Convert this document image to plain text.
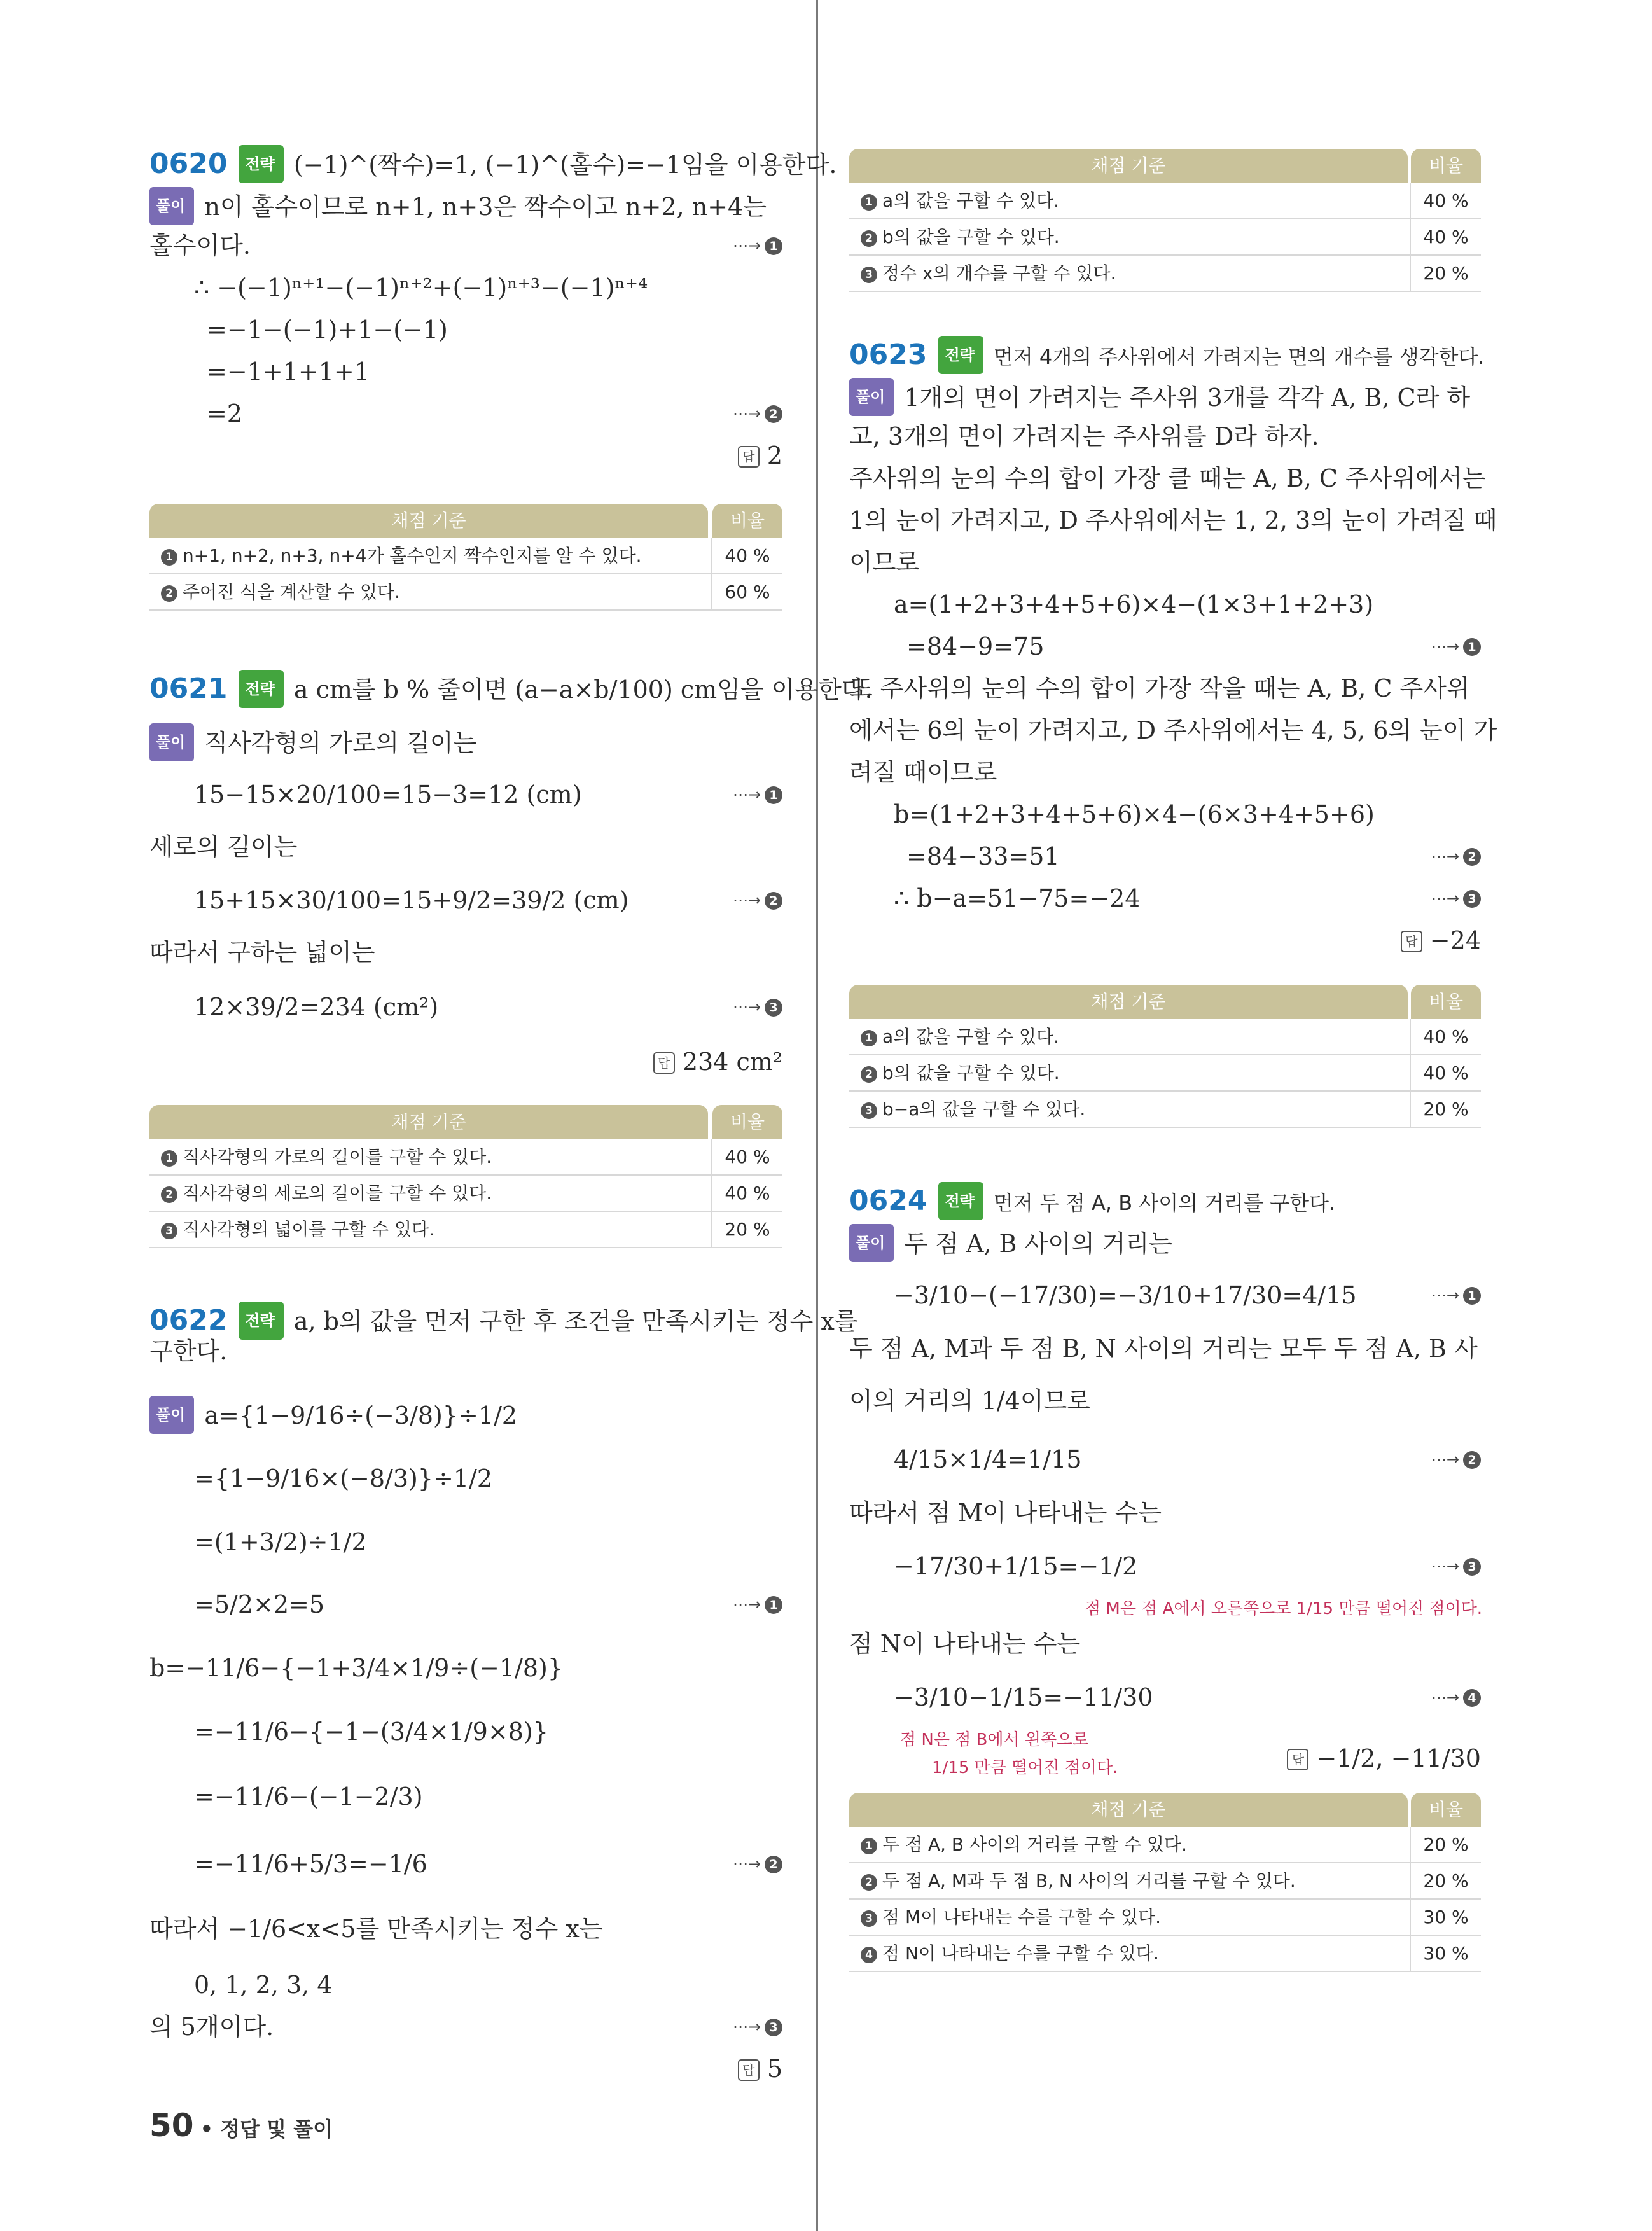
0620 전략 (−1)^(짝수)=1, (−1)^(홀수)=−1임을 이용한다.
풀이 n이 홀수이므로 n+1, n+3은 짝수이고 n+2, n+4는
홀수이다.	⋯→ 1
∴ −(−1)ⁿ⁺¹−(−1)ⁿ⁺²+(−1)ⁿ⁺³−(−1)ⁿ⁺⁴
=−1−(−1)+1−(−1)
=−1+1+1+1
=2	⋯→ 2
답 2
채점 기준	비율
1 n+1, n+2, n+3, n+4가 홀수인지 짝수인지를 알 수 있다.	40 %
2 주어진 식을 계산할 수 있다.	60 %
0621 전략 a cm를 b % 줄이면 (a−a×b/100) cm임을 이용한다.
풀이 직사각형의 가로의 길이는
15−15×20/100=15−3=12 (cm)	⋯→ 1
세로의 길이는
15+15×30/100=15+9/2=39/2 (cm)	⋯→ 2
따라서 구하는 넓이는
12×39/2=234 (cm²)	⋯→ 3
답 234 cm²
채점 기준	비율
1 직사각형의 가로의 길이를 구할 수 있다.	40 %
2 직사각형의 세로의 길이를 구할 수 있다.	40 %
3 직사각형의 넓이를 구할 수 있다.	20 %
0622 전략 a, b의 값을 먼저 구한 후 조건을 만족시키는 정수 x를
구한다.
풀이 a={1−9/16÷(−3/8)}÷1/2
={1−9/16×(−8/3)}÷1/2
=(1+3/2)÷1/2
=5/2×2=5	⋯→ 1
b=−11/6−{−1+3/4×1/9÷(−1/8)}
=−11/6−{−1−(3/4×1/9×8)}
=−11/6−(−1−2/3)
=−11/6+5/3=−1/6	⋯→ 2
따라서 −1/6<x<5를 만족시키는 정수 x는
0, 1, 2, 3, 4
의 5개이다.	⋯→ 3
답 5
채점 기준	비율
1 a의 값을 구할 수 있다.	40 %
2 b의 값을 구할 수 있다.	40 %
3 정수 x의 개수를 구할 수 있다.	20 %
0623 전략 먼저 4개의 주사위에서 가려지는 면의 개수를 생각한다.
풀이 1개의 면이 가려지는 주사위 3개를 각각 A, B, C라 하
고, 3개의 면이 가려지는 주사위를 D라 하자.
주사위의 눈의 수의 합이 가장 클 때는 A, B, C 주사위에서는
1의 눈이 가려지고, D 주사위에서는 1, 2, 3의 눈이 가려질 때
이므로
a=(1+2+3+4+5+6)×4−(1×3+1+2+3)
=84−9=75	⋯→ 1
또 주사위의 눈의 수의 합이 가장 작을 때는 A, B, C 주사위
에서는 6의 눈이 가려지고, D 주사위에서는 4, 5, 6의 눈이 가
려질 때이므로
b=(1+2+3+4+5+6)×4−(6×3+4+5+6)
=84−33=51	⋯→ 2
∴ b−a=51−75=−24	⋯→ 3
답 −24
채점 기준	비율
1 a의 값을 구할 수 있다.	40 %
2 b의 값을 구할 수 있다.	40 %
3 b−a의 값을 구할 수 있다.	20 %
0624 전략 먼저 두 점 A, B 사이의 거리를 구한다.
풀이 두 점 A, B 사이의 거리는
−3/10−(−17/30)=−3/10+17/30=4/15	⋯→ 1
두 점 A, M과 두 점 B, N 사이의 거리는 모두 두 점 A, B 사
이의 거리의 1/4이므로
4/15×1/4=1/15	⋯→ 2
따라서 점 M이 나타내는 수는
−17/30+1/15=−1/2	⋯→ 3
점 M은 점 A에서 오른쪽으로 1/15 만큼 떨어진 점이다.
점 N이 나타내는 수는
−3/10−1/15=−11/30	⋯→ 4
점 N은 점 B에서 왼쪽으로
1/15 만큼 떨어진 점이다.	답 −1/2, −11/30
채점 기준	비율
1 두 점 A, B 사이의 거리를 구할 수 있다.	20 %
2 두 점 A, M과 두 점 B, N 사이의 거리를 구할 수 있다.	20 %
3 점 M이 나타내는 수를 구할 수 있다.	30 %
4 점 N이 나타내는 수를 구할 수 있다.	30 %
50 • 정답 및 풀이
